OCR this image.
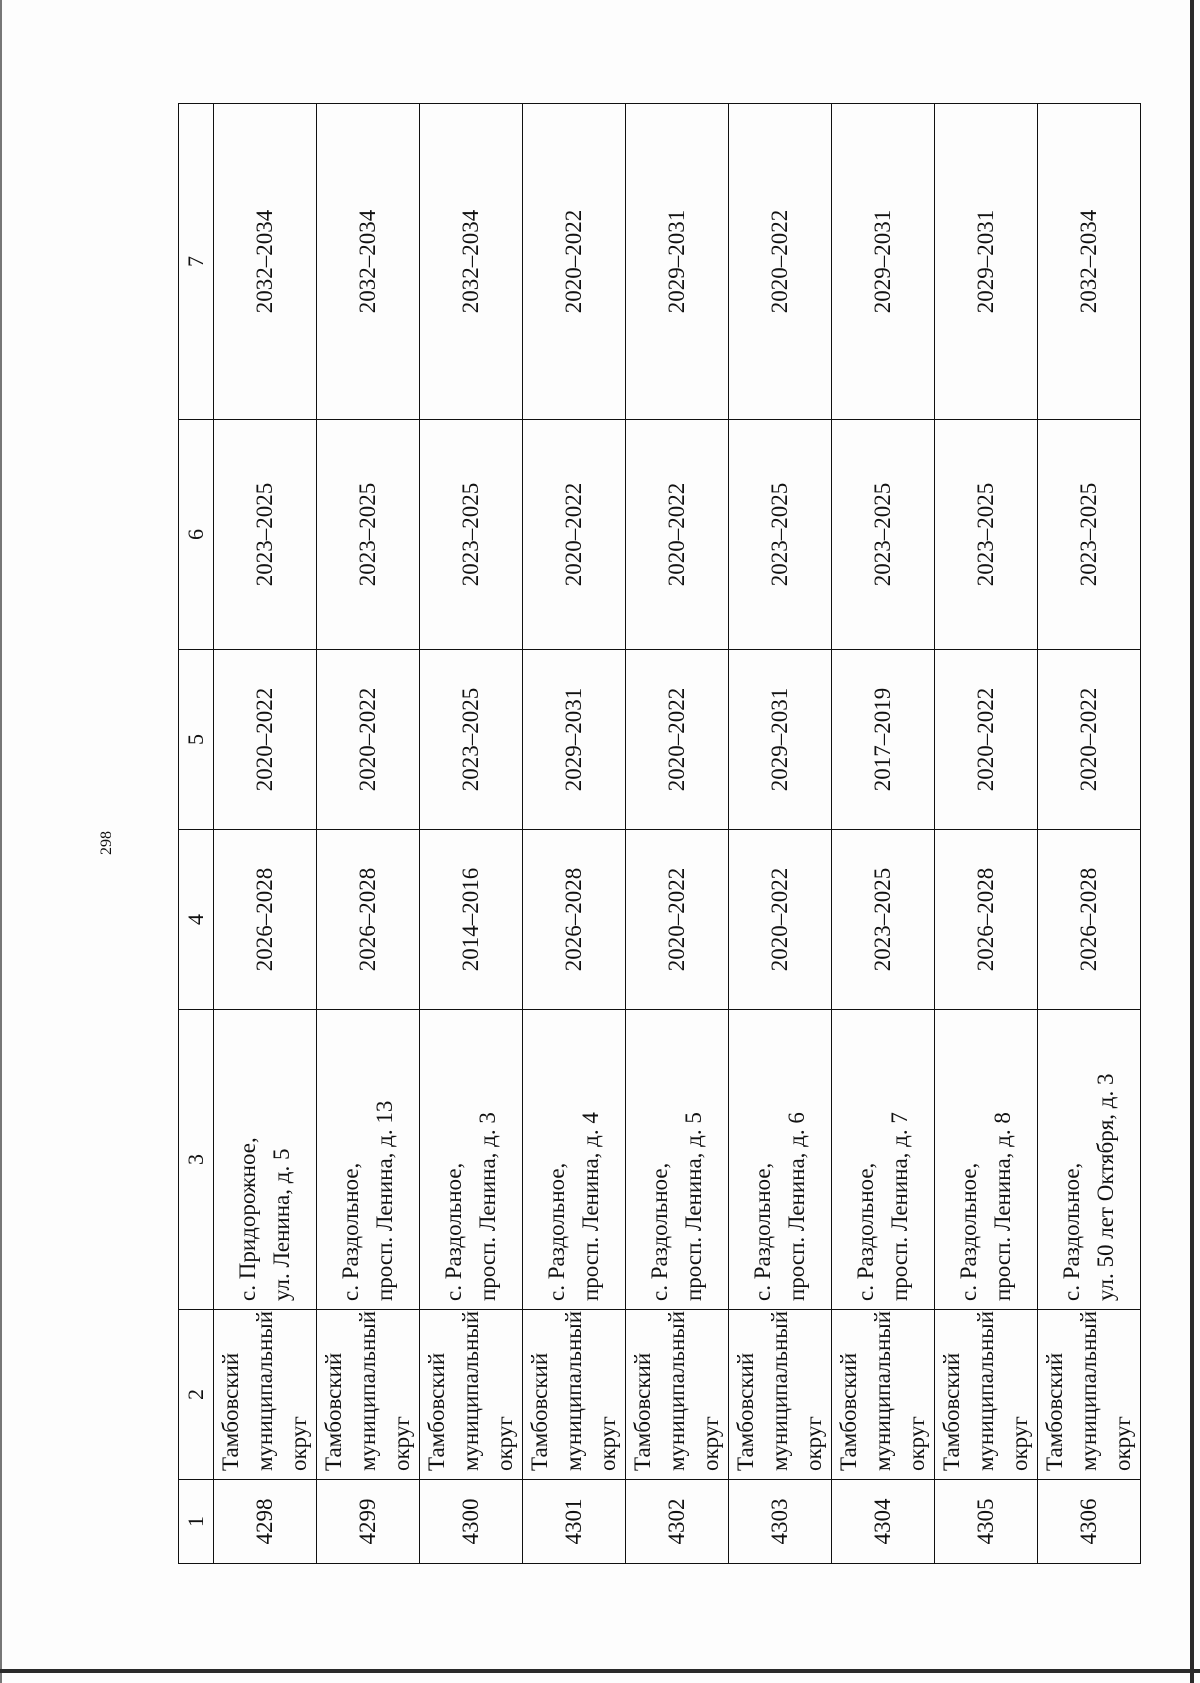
298
1	2	3	4	5	6	7
4298	Тамбовский муниципальный округ	с. Придорожное, ул. Ленина, д. 5	2026–2028	2020–2022	2023–2025	2032–2034
4299	Тамбовский муниципальный округ	с. Раздольное, просп. Ленина, д. 13	2026–2028	2020–2022	2023–2025	2032–2034
4300	Тамбовский муниципальный округ	с. Раздольное, просп. Ленина, д. 3	2014–2016	2023–2025	2023–2025	2032–2034
4301	Тамбовский муниципальный округ	с. Раздольное, просп. Ленина, д. 4	2026–2028	2029–2031	2020–2022	2020–2022
4302	Тамбовский муниципальный округ	с. Раздольное, просп. Ленина, д. 5	2020–2022	2020–2022	2020–2022	2029–2031
4303	Тамбовский муниципальный округ	с. Раздольное, просп. Ленина, д. 6	2020–2022	2029–2031	2023–2025	2020–2022
4304	Тамбовский муниципальный округ	с. Раздольное, просп. Ленина, д. 7	2023–2025	2017–2019	2023–2025	2029–2031
4305	Тамбовский муниципальный округ	с. Раздольное, просп. Ленина, д. 8	2026–2028	2020–2022	2023–2025	2029–2031
4306	Тамбовский муниципальный округ	с. Раздольное, ул. 50 лет Октября, д. 3	2026–2028	2020–2022	2023–2025	2032–2034
